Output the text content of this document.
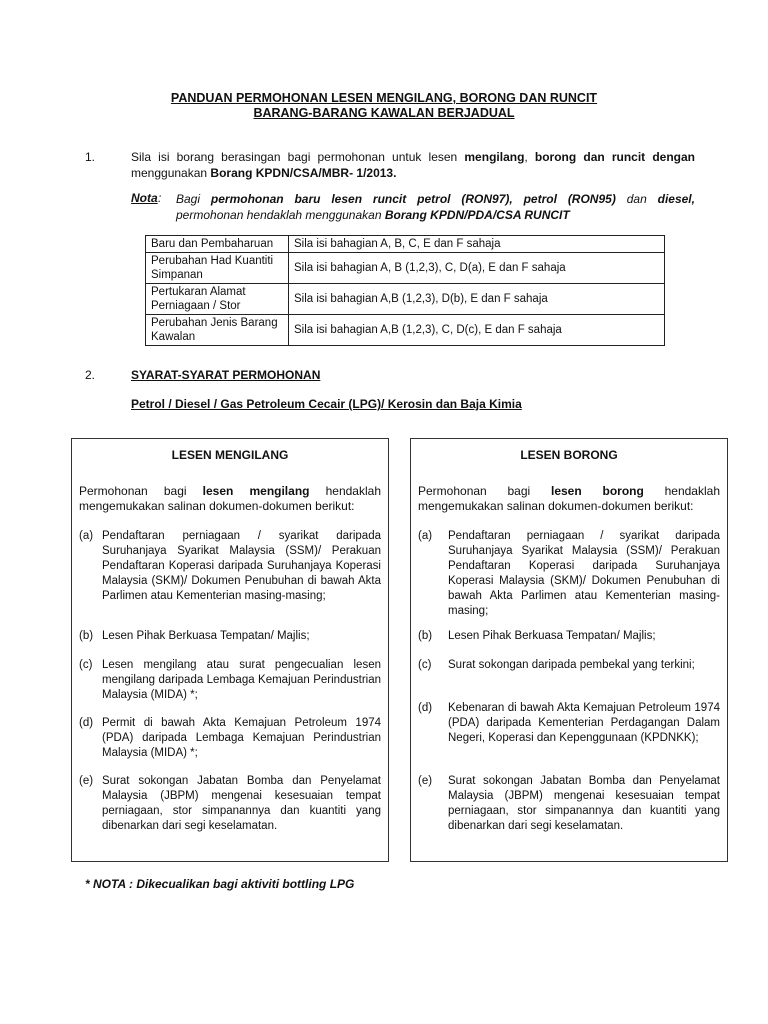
PANDUAN PERMOHONAN LESEN MENGILANG, BORONG DAN RUNCIT
BARANG-BARANG KAWALAN BERJADUAL
1.	Sila isi borang berasingan bagi permohonan untuk lesen mengilang, borong dan runcit dengan
menggunakan Borang KPDN/CSA/MBR- 1/2013.
Nota : Bagi permohonan baru lesen runcit petrol (RON97), petrol (RON95) dan diesel,
permohonan hendaklah menggunakan Borang KPDN/PDA/CSA RUNCIT
Baru dan Pembaharuan	Sila isi bahagian A, B, C, E dan F sahaja
Perubahan Had Kuantiti Simpanan	Sila isi bahagian A, B (1,2,3), C, D(a), E dan F sahaja
Pertukaran Alamat Perniagaan / Stor	Sila isi bahagian A,B (1,2,3), D(b), E dan F sahaja
Perubahan Jenis Barang Kawalan	Sila isi bahagian A,B (1,2,3), C, D(c), E dan F sahaja
2.	SYARAT-SYARAT PERMOHONAN
Petrol / Diesel / Gas Petroleum Cecair (LPG)/ Kerosin dan Baja Kimia
LESEN MENGILANG
Permohonan bagi lesen mengilang hendaklah mengemukakan salinan dokumen-dokumen berikut:
(a) Pendaftaran perniagaan / syarikat daripada Suruhanjaya Syarikat Malaysia (SSM)/ Perakuan Pendaftaran Koperasi daripada Suruhanjaya Koperasi Malaysia (SKM)/ Dokumen Penubuhan di bawah Akta Parlimen atau Kementerian masing-masing;
(b) Lesen Pihak Berkuasa Tempatan/ Majlis;
(c) Lesen mengilang atau surat pengecualian lesen mengilang daripada Lembaga Kemajuan Perindustrian Malaysia (MIDA) *;
(d) Permit di bawah Akta Kemajuan Petroleum 1974 (PDA) daripada Lembaga Kemajuan Perindustrian Malaysia (MIDA) *;
(e) Surat sokongan Jabatan Bomba dan Penyelamat Malaysia (JBPM) mengenai kesesuaian tempat perniagaan, stor simpanannya dan kuantiti yang dibenarkan dari segi keselamatan.
LESEN BORONG
Permohonan bagi lesen borong hendaklah mengemukakan salinan dokumen-dokumen berikut:
(a) Pendaftaran perniagaan / syarikat daripada Suruhanjaya Syarikat Malaysia (SSM)/ Perakuan Pendaftaran Koperasi daripada Suruhanjaya Koperasi Malaysia (SKM)/ Dokumen Penubuhan di bawah Akta Parlimen atau Kementerian masing-masing;
(b) Lesen Pihak Berkuasa Tempatan/ Majlis;
(c) Surat sokongan daripada pembekal yang terkini;
(d) Kebenaran di bawah Akta Kemajuan Petroleum 1974 (PDA) daripada Kementerian Perdagangan Dalam Negeri, Koperasi dan Kepenggunaan (KPDNKK);
(e) Surat sokongan Jabatan Bomba dan Penyelamat Malaysia (JBPM) mengenai kesesuaian tempat perniagaan, stor simpanannya dan kuantiti yang dibenarkan dari segi keselamatan.
* NOTA : Dikecualikan bagi aktiviti bottling LPG
